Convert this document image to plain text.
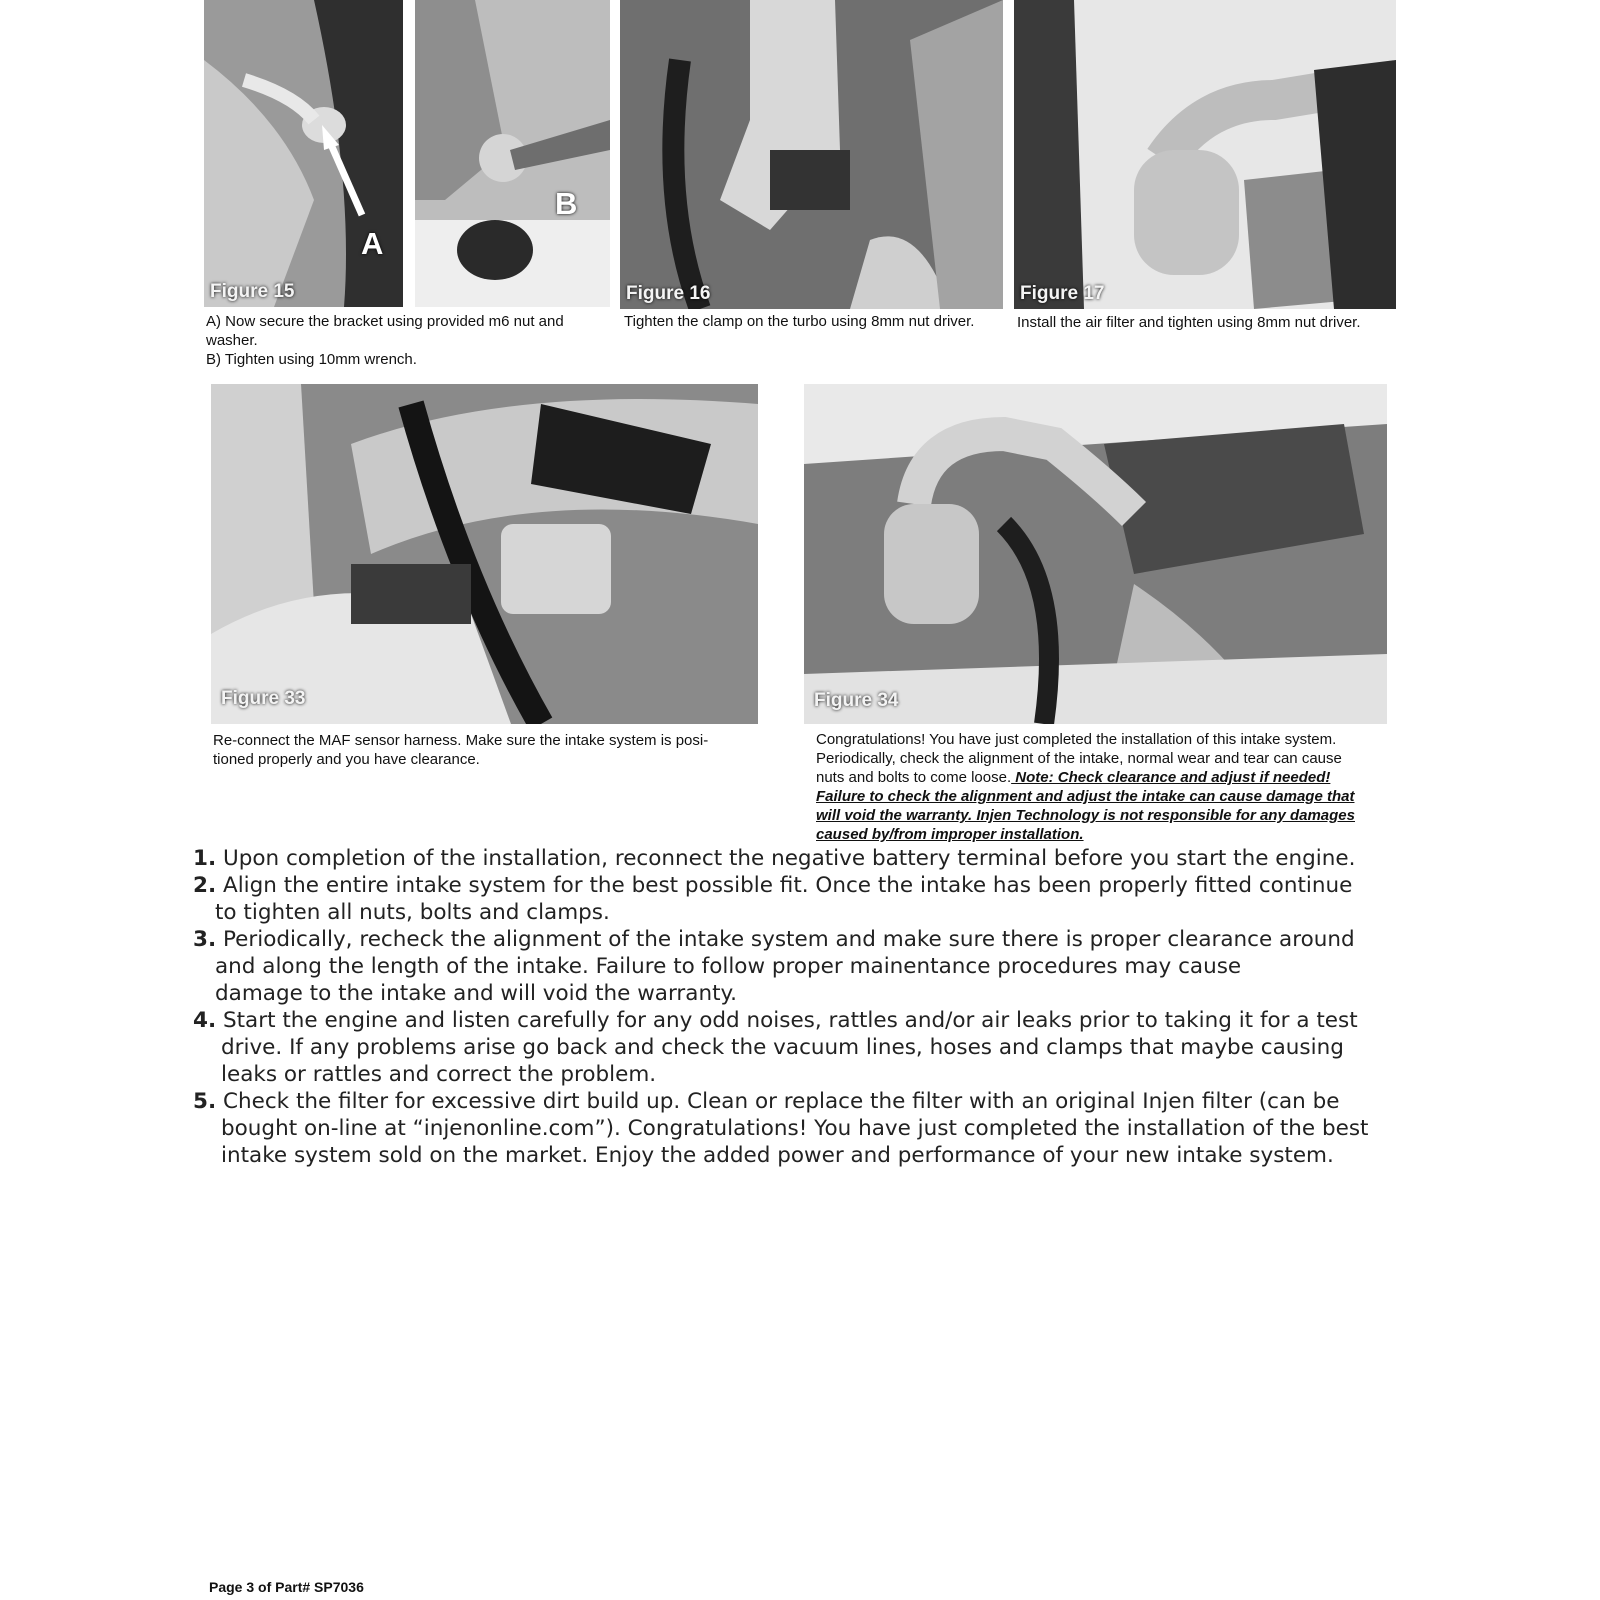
A
Figure 15
B
Figure 16	Figure 17

A) Now secure the bracket using provided m6 nut and

washer.

B) Tighten using 10mm wrench.

Tighten the clamp on the turbo using 8mm nut driver.	Install the air filter and tighten using 8mm nut driver.
Figure 33	Figure 34

Re-connect the MAF sensor harness. Make sure the intake system is posi-

tioned properly and you have clearance.

Congratulations! You have just completed the installation of this intake system.

Periodically, check the alignment of the intake, normal wear and tear can cause

nuts and bolts to come loose. Note: Check clearance and adjust if needed!

Failure to check the alignment and adjust the intake can cause damage that

will void the warranty. Injen Technology is not responsible for any damages

caused by/from improper installation.

1. Upon completion of the installation, reconnect the negative battery terminal before you start the engine.
2. Align the entire intake system for the best possible fit. Once the intake has been properly fitted continue
to tighten all nuts, bolts and clamps.
3. Periodically, recheck the alignment of the intake system and make sure there is proper clearance around
and along the length of the intake. Failure to follow proper mainentance procedures may cause
damage to the intake and will void the warranty.
4. Start the engine and listen carefully for any odd noises, rattles and/or air leaks prior to taking it for a test
drive. If any problems arise go back and check the vacuum lines, hoses and clamps that maybe causing
leaks or rattles and correct the problem.
5. Check the filter for excessive dirt build up. Clean or replace the filter with an original Injen filter (can be
bought on-line at “injenonline.com”). Congratulations! You have just completed the installation of the best
intake system sold on the market. Enjoy the added power and performance of your new intake system.
Page 3 of Part# SP7036
